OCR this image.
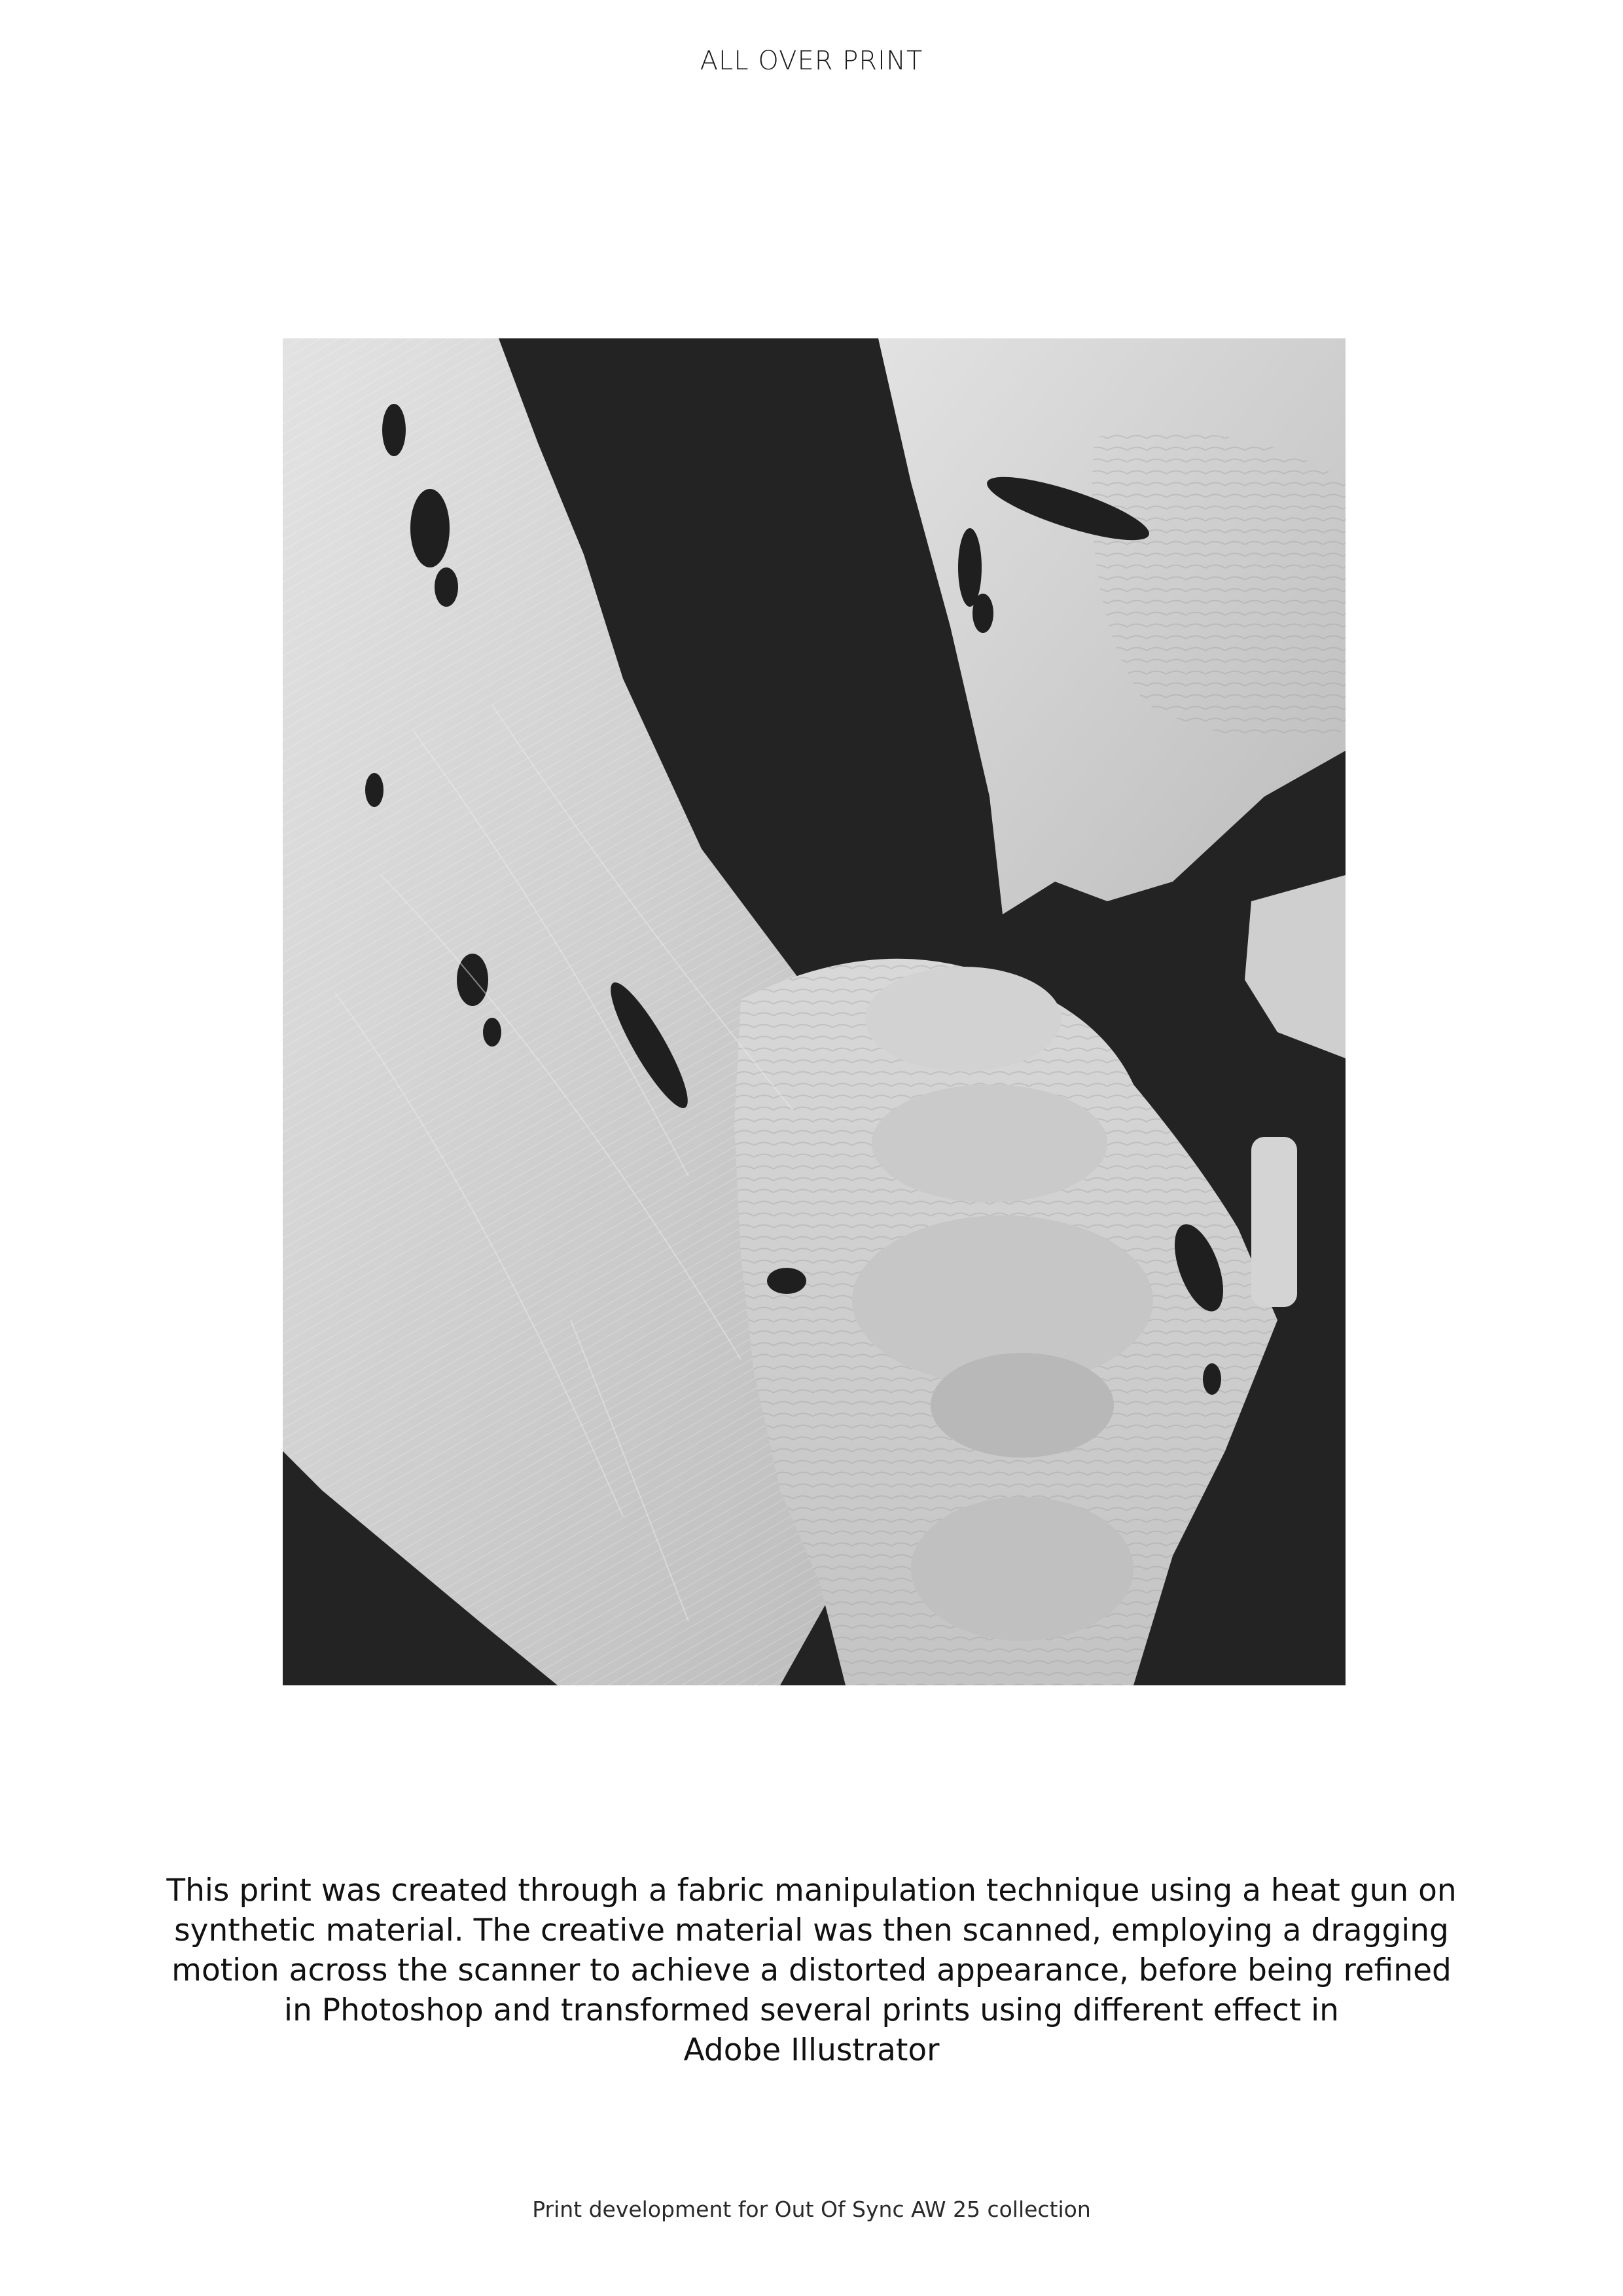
ALL OVER PRINT
This print was created through a fabric manipulation technique using a heat gun on
synthetic material. The creative material was then scanned, employing a dragging
motion across the scanner to achieve a distorted appearance, before being refined
in Photoshop and transformed several prints using different effect in
Adobe Illustrator
Print development for Out Of Sync AW 25 collection
